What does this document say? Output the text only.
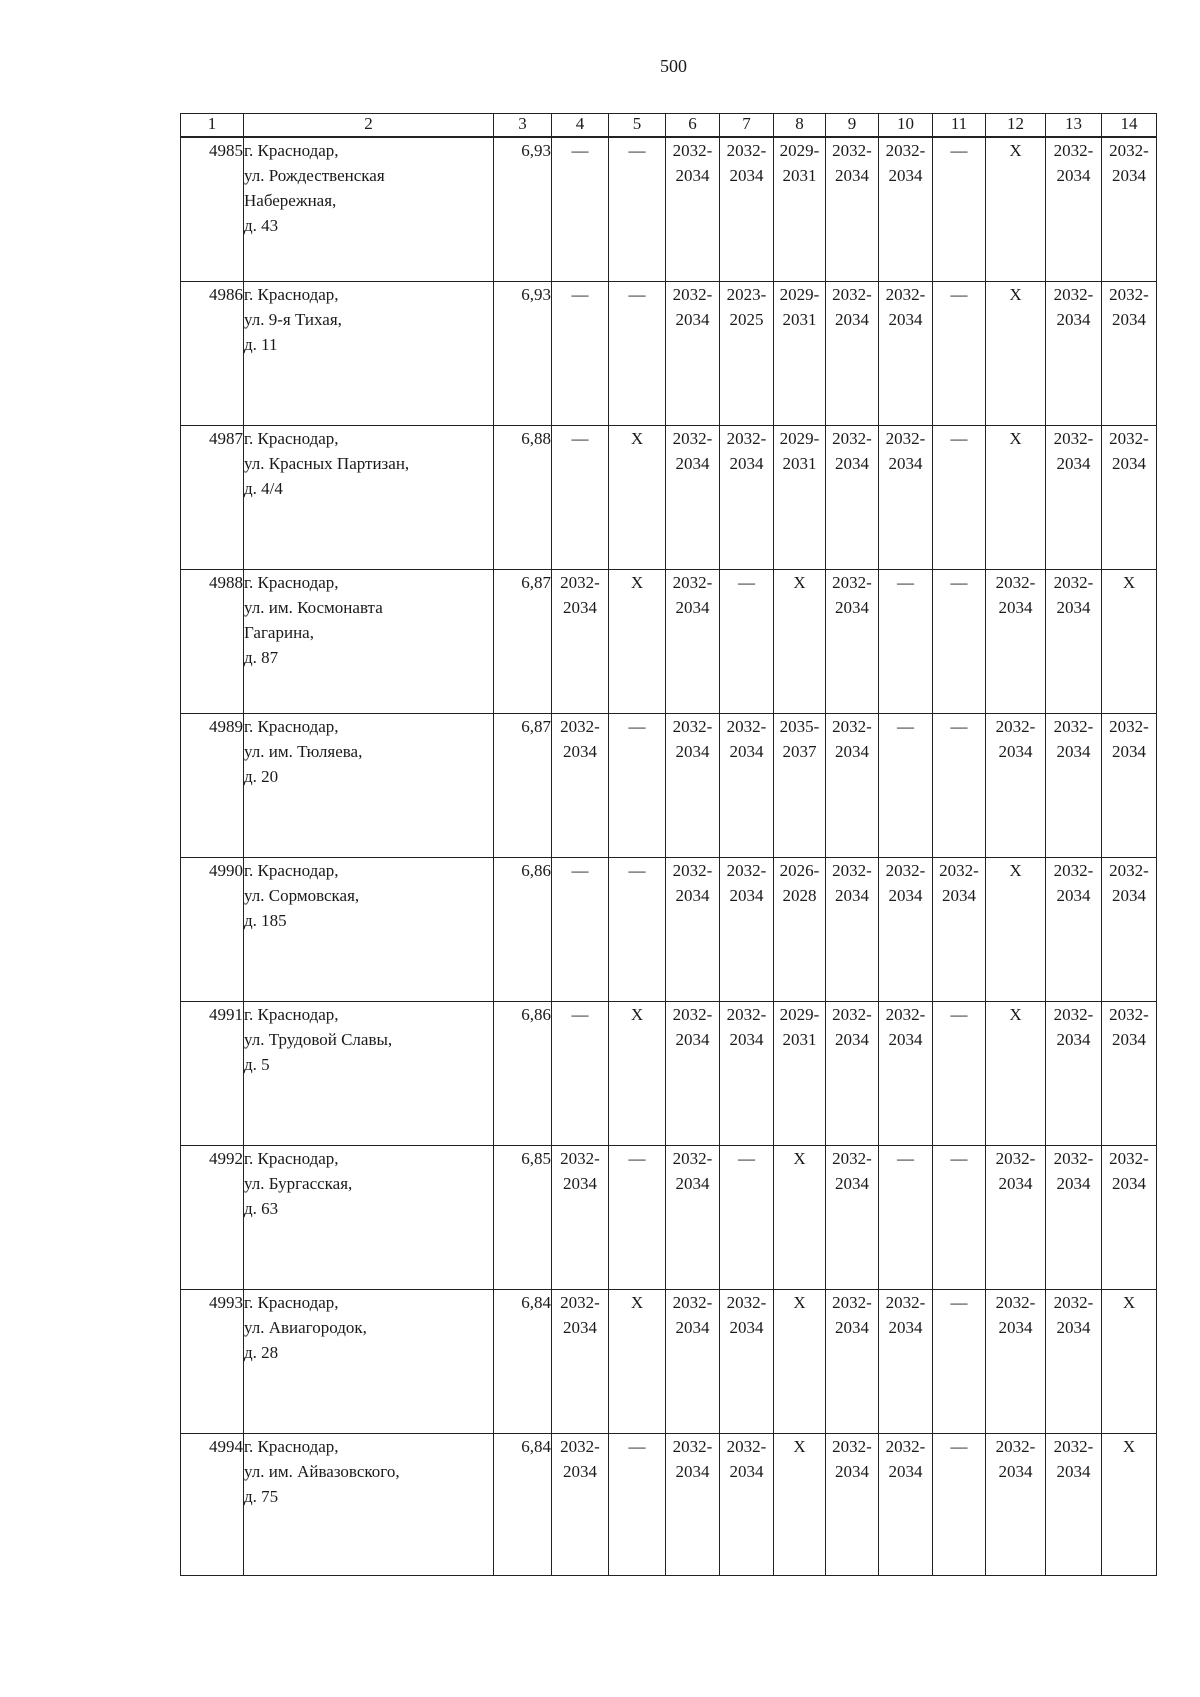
500
1	2	3	4	5	6	7	8	9	10	11	12	13	14
4985	г. Краснодар,
ул. Рождественская
Набережная,
д. 43	6,93	—	—	2032-
2034	2032-
2034	2029-
2031	2032-
2034	2032-
2034	—	X	2032-
2034	2032-
2034

4986	г. Краснодар,
ул. 9-я Тихая,
д. 11	6,93	—	—	2032-
2034	2023-
2025	2029-
2031	2032-
2034	2032-
2034	—	X	2032-
2034	2032-
2034

4987	г. Краснодар,
ул. Красных Партизан,
д. 4/4	6,88	—	X	2032-
2034	2032-
2034	2029-
2031	2032-
2034	2032-
2034	—	X	2032-
2034	2032-
2034

4988	г. Краснодар,
ул. им. Космонавта
Гагарина,
д. 87	6,87	2032-
2034	X	2032-
2034	—	X	2032-
2034	—	—	2032-
2034	2032-
2034	X

4989	г. Краснодар,
ул. им. Тюляева,
д. 20	6,87	2032-
2034	—	2032-
2034	2032-
2034	2035-
2037	2032-
2034	—	—	2032-
2034	2032-
2034	2032-
2034

4990	г. Краснодар,
ул. Сормовская,
д. 185	6,86	—	—	2032-
2034	2032-
2034	2026-
2028	2032-
2034	2032-
2034	2032-
2034	X	2032-
2034	2032-
2034

4991	г. Краснодар,
ул. Трудовой Славы,
д. 5	6,86	—	X	2032-
2034	2032-
2034	2029-
2031	2032-
2034	2032-
2034	—	X	2032-
2034	2032-
2034

4992	г. Краснодар,
ул. Бургасская,
д. 63	6,85	2032-
2034	—	2032-
2034	—	X	2032-
2034	—	—	2032-
2034	2032-
2034	2032-
2034

4993	г. Краснодар,
ул. Авиагородок,
д. 28	6,84	2032-
2034	X	2032-
2034	2032-
2034	X	2032-
2034	2032-
2034	—	2032-
2034	2032-
2034	X

4994	г. Краснодар,
ул. им. Айвазовского,
д. 75	6,84	2032-
2034	—	2032-
2034	2032-
2034	X	2032-
2034	2032-
2034	—	2032-
2034	2032-
2034	X
